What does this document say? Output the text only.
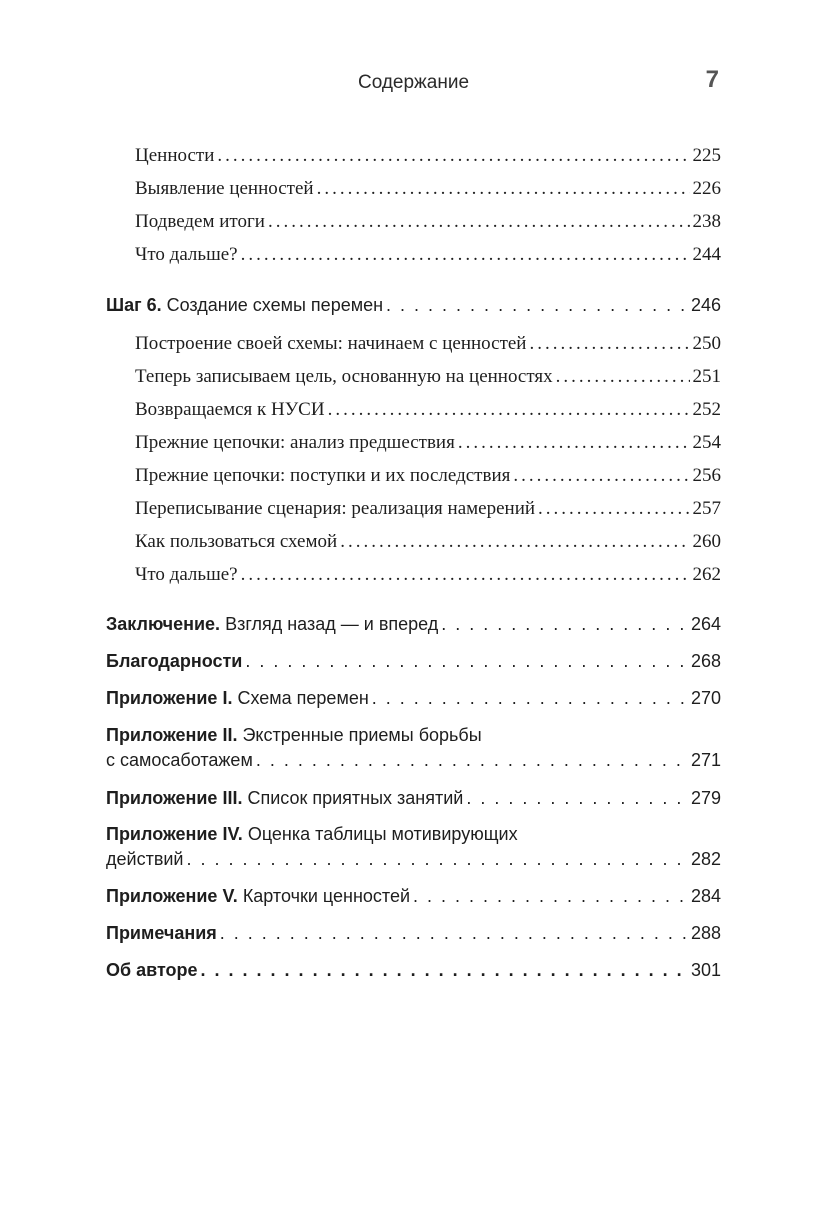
Содержание	7
Ценности .....	225
Выявление ценностей .....	226
Подведем итоги .....	238
Что дальше? .....	244
Шаг 6. Создание схемы перемен . . .	246
Построение своей схемы: начинаем с ценностей .....	250
Теперь записываем цель, основанную на ценностях .....	251
Возвращаемся к НУСИ .....	252
Прежние цепочки: анализ предшествия .....	254
Прежние цепочки: поступки и их последствия .....	256
Переписывание сценария: реализация намерений .....	257
Как пользоваться схемой .....	260
Что дальше? .....	262
Заключение. Взгляд назад — и вперед . . .	264
Благодарности . . .	268
Приложение I. Схема перемен . . .	270
Приложение II. Экстренные приемы борьбы
с самосаботажем . . .	271
Приложение III. Список приятных занятий . . .	279
Приложение IV. Оценка таблицы мотивирующих
действий . . .	282
Приложение V. Карточки ценностей . . .	284
Примечания . . .	288
Об авторе . . .	301
